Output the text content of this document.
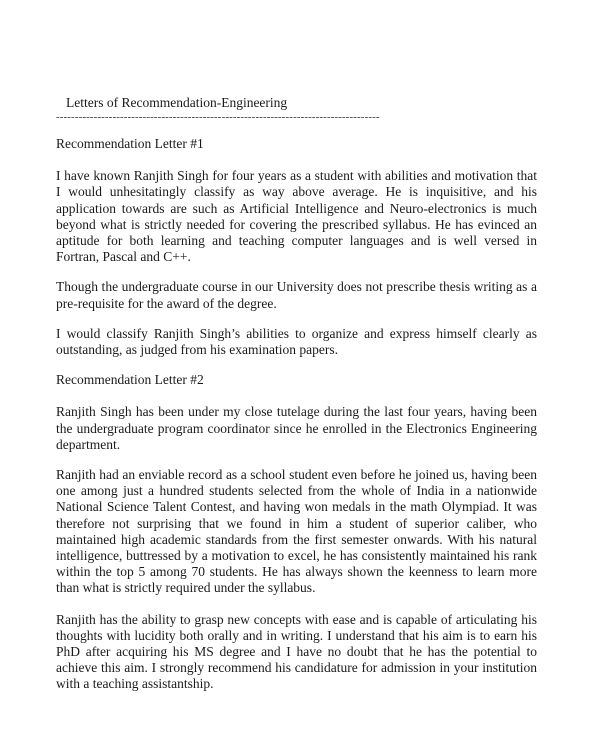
Letters of Recommendation-Engineering
--------------------------------------------------------------------------------------

Recommendation Letter #1

I have known Ranjith Singh for four years as a student with abilities and motivation that I would unhesitatingly classify as way above average. He is inquisitive, and his application towards are such as Artificial Intelligence and Neuro-electronics is much beyond what is strictly needed for covering the prescribed syllabus. He has evinced an aptitude for both learning and teaching computer languages and is well versed in Fortran, Pascal and C++.

Though the undergraduate course in our University does not prescribe thesis writing as a pre-requisite for the award of the degree.

I would classify Ranjith Singh’s abilities to organize and express himself clearly as outstanding, as judged from his examination papers.

Recommendation Letter #2

Ranjith Singh has been under my close tutelage during the last four years, having been the undergraduate program coordinator since he enrolled in the Electronics Engineering department.

Ranjith had an enviable record as a school student even before he joined us, having been one among just a hundred students selected from the whole of India in a nationwide National Science Talent Contest, and having won medals in the math Olympiad. It was therefore not surprising that we found in him a student of superior caliber, who maintained high academic standards from the first semester onwards. With his natural intelligence, buttressed by a motivation to excel, he has consistently maintained his rank within the top 5 among 70 students. He has always shown the keenness to learn more than what is strictly required under the syllabus.

Ranjith has the ability to grasp new concepts with ease and is capable of articulating his thoughts with lucidity both orally and in writing. I understand that his aim is to earn his PhD after acquiring his MS degree and I have no doubt that he has the potential to achieve this aim. I strongly recommend his candidature for admission in your institution with a teaching assistantship.
